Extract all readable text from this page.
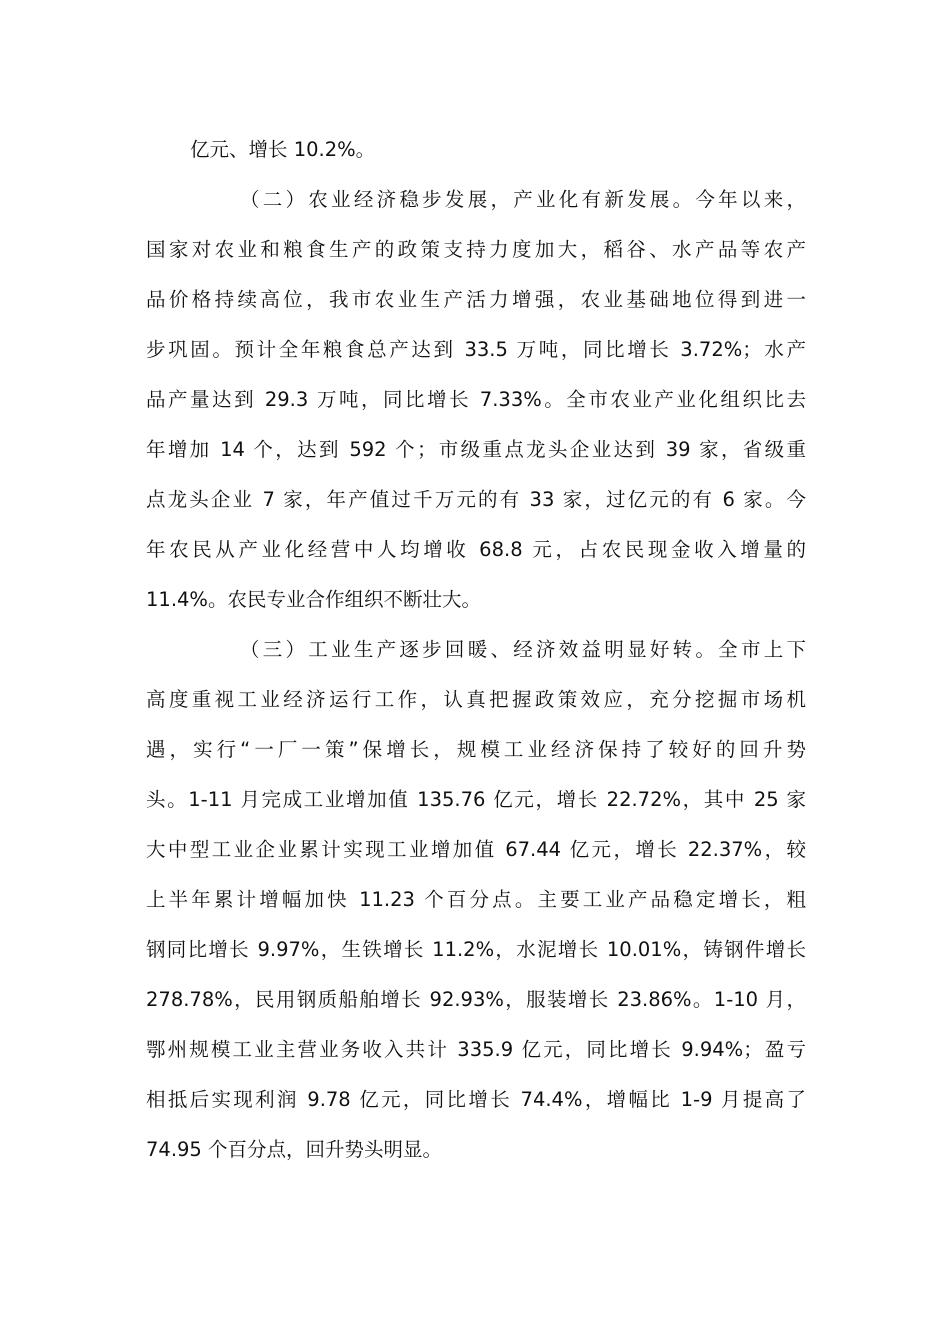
亿元、增长 10.2%。
（二）农业经济稳步发展，产业化有新发展。今年以来，
国家对农业和粮食生产的政策支持力度加大，稻谷、水产品等农产
品价格持续高位，我市农业生产活力增强，农业基础地位得到进一
步巩固。预计全年粮食总产达到 33.5 万吨，同比增长 3.72%；水产
品产量达到 29.3 万吨，同比增长 7.33%。全市农业产业化组织比去
年增加 14 个，达到 592 个；市级重点龙头企业达到 39 家，省级重
点龙头企业 7 家，年产值过千万元的有 33 家，过亿元的有 6 家。今
年农民从产业化经营中人均增收 68.8 元，占农民现金收入增量的
11.4%。农民专业合作组织不断壮大。
（三）工业生产逐步回暖、经济效益明显好转。全市上下
高度重视工业经济运行工作，认真把握政策效应，充分挖掘市场机
遇，实行“一厂一策”保增长，规模工业经济保持了较好的回升势
头。1-11 月完成工业增加值 135.76 亿元，增长 22.72%，其中 25 家
大中型工业企业累计实现工业增加值 67.44 亿元，增长 22.37%，较
上半年累计增幅加快 11.23 个百分点。主要工业产品稳定增长，粗
钢同比增长 9.97%，生铁增长 11.2%，水泥增长 10.01%，铸钢件增长
278.78%，民用钢质船舶增长 92.93%，服装增长 23.86%。1-10 月，
鄂州规模工业主营业务收入共计 335.9 亿元，同比增长 9.94%；盈亏
相抵后实现利润 9.78 亿元，同比增长 74.4%，增幅比 1-9 月提高了
74.95 个百分点，回升势头明显。
